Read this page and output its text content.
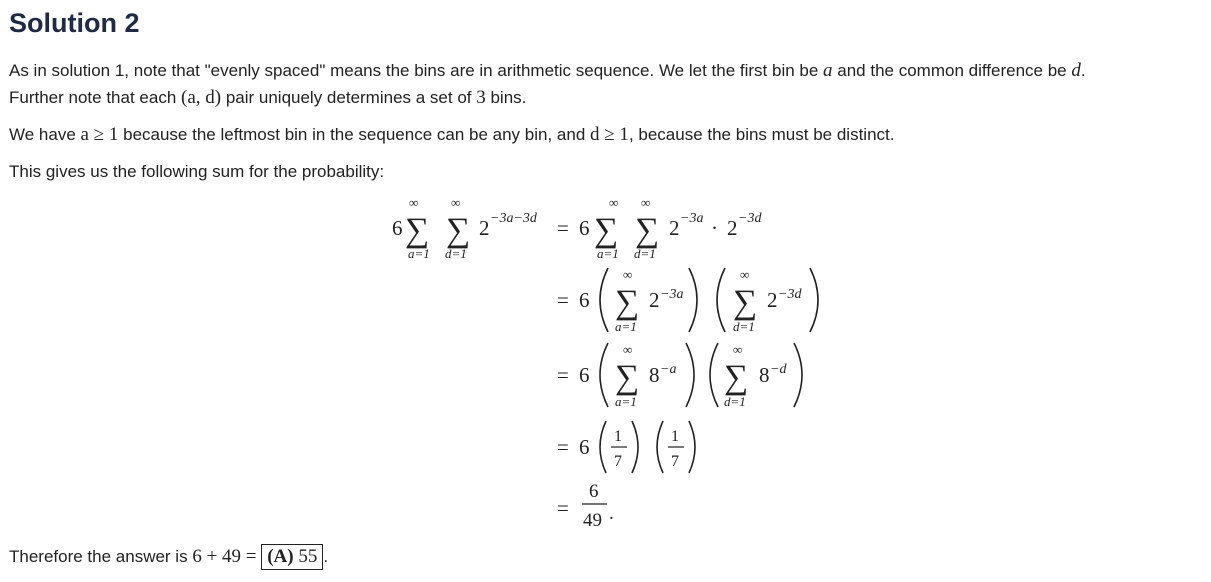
Solution 2
As in solution 1, note that "evenly spaced" means the bins are in arithmetic sequence. We let the first bin be a and the common difference be d.
Further note that each (a, d) pair uniquely determines a set of 3 bins.
We have a ≥ 1 because the leftmost bin in the sequence can be any bin, and d ≥ 1, because the bins must be distinct.
This gives us the following sum for the probability:
6
∞
∑
a=1
∞
∑
d=1
2 −3a−3d = 6
∞
∑
a=1
∞
∑
d=1
2 −3a · 2 −3d
= 6
∞
∑
a=1
2 −3a
∞
∑
d=1
2 −3d
= 6
∞
∑
a=1
8 −a
∞
∑
d=1
8 −d
= 6 1
7
1
7
=
6
49 .
Therefore the answer is 6 + 49 = (A) 55 .
